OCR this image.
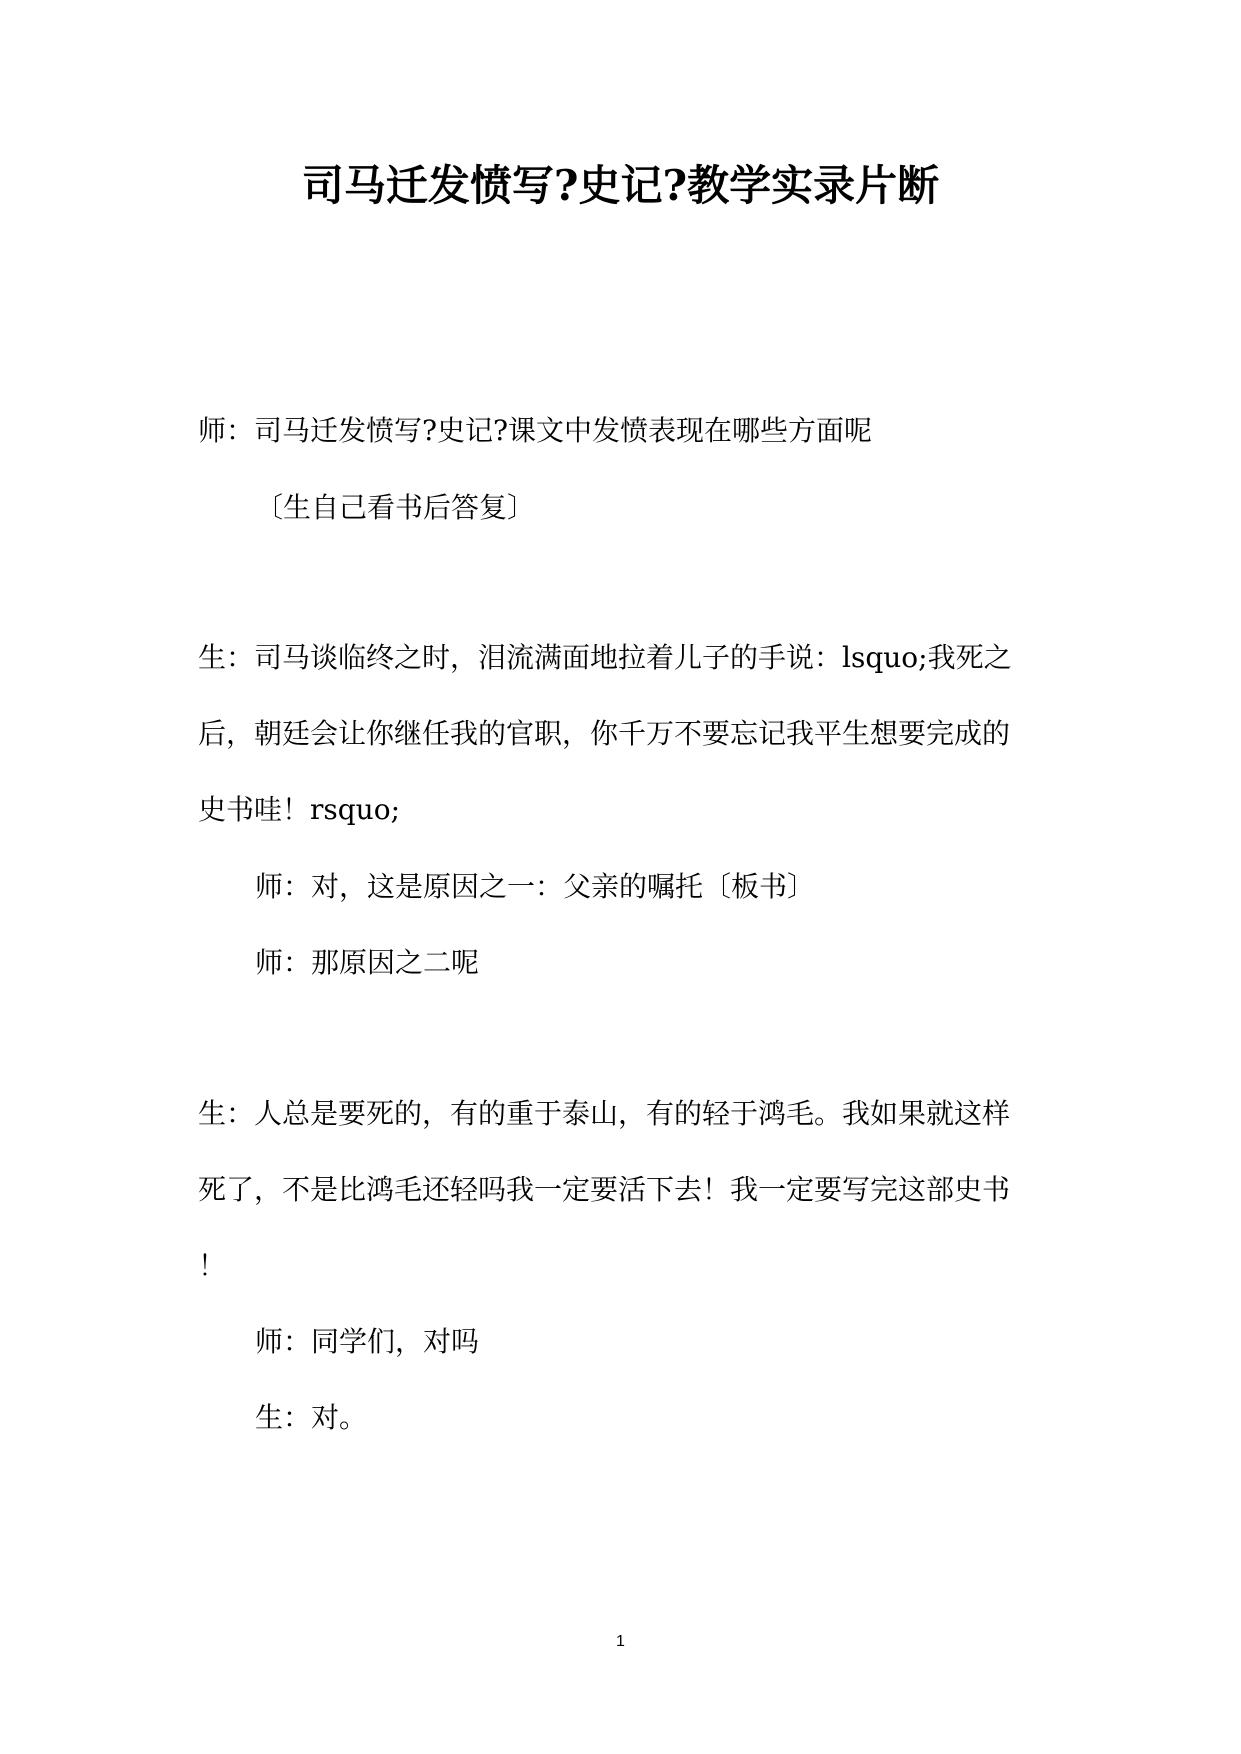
司马迁发愤写?史记?教学实录片断
师：司马迁发愤写?史记?课文中发愤表现在哪些方面呢
〔生自己看书后答复〕
生：司马谈临终之时，泪流满面地拉着儿子的手说：lsquo;我死之
后，朝廷会让你继任我的官职，你千万不要忘记我平生想要完成的
史书哇！rsquo;
师：对，这是原因之一：父亲的嘱托〔板书〕
师：那原因之二呢
生：人总是要死的，有的重于泰山，有的轻于鸿毛。我如果就这样
死了，不是比鸿毛还轻吗我一定要活下去！我一定要写完这部史书
！
师：同学们，对吗
生：对。
1
